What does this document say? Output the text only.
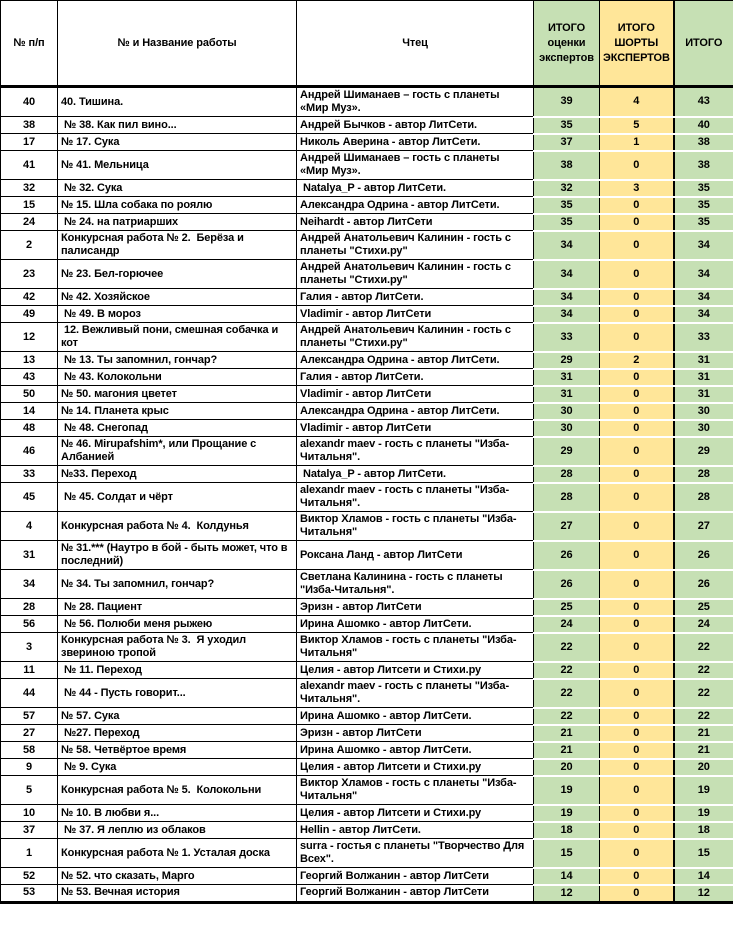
№ п/п	№ и Название работы	Чтец	ИТОГО оценки экспертов	ИТОГО ШОРТЫ ЭКСПЕРТОВ	ИТОГО
40	40. Тишина.	Андрей Шиманаев – гость с планеты «Мир Муз».	39	4	43
38	№ 38. Как пил вино...	Андрей Бычков - автор ЛитСети.	35	5	40
17	№ 17. Сука	Николь Аверина - автор ЛитСети.	37	1	38
41	№ 41. Мельница	Андрей Шиманаев – гость с планеты «Мир Муз».	38	0	38
32	№ 32. Сука	Natalya_P - автор ЛитСети.	32	3	35
15	№ 15. Шла собака по роялю	Александра Одрина - автор ЛитСети.	35	0	35
24	№ 24. на патриарших	Neihardt - автор ЛитСети	35	0	35
2	Конкурсная работа № 2.  Берёза и палисандр	Андрей Анатольевич Калинин - гость с планеты "Стихи.ру"	34	0	34
23	№ 23. Бел-горючее	Андрей Анатольевич Калинин - гость с планеты "Стихи.ру"	34	0	34
42	№ 42. Хозяйское	Галия - автор ЛитСети.	34	0	34
49	№ 49. В мороз	Vladimir - автор ЛитСети	34	0	34
12	12. Вежливый пони, смешная собачка и кот	Андрей Анатольевич Калинин - гость с планеты "Стихи.ру"	33	0	33
13	№ 13. Ты запомнил, гончар?	Александра Одрина - автор ЛитСети.	29	2	31
43	№ 43. Колокольни	Галия - автор ЛитСети.	31	0	31
50	№ 50. магония цветет	Vladimir - автор ЛитСети	31	0	31
14	№ 14. Планета крыс	Александра Одрина - автор ЛитСети.	30	0	30
48	№ 48. Снегопад	Vladimir - автор ЛитСети	30	0	30
46	№ 46. Mirupafshim*, или Прощание с Албанией	alexandr maev - гость с планеты "Изба-Читальня".	29	0	29
33	№33. Переход	Natalya_P - автор ЛитСети.	28	0	28
45	№ 45. Солдат и чёрт	alexandr maev - гость с планеты "Изба-Читальня".	28	0	28
4	Конкурсная работа № 4.  Колдунья	Виктор Хламов - гость с планеты "Изба-Читальня"	27	0	27
31	№ 31.*** (Наутро в бой - быть может, что в последний)	Роксана Ланд - автор ЛитСети	26	0	26
34	№ 34. Ты запомнил, гончар?	Светлана Калинина - гость с планеты "Изба-Читальня".	26	0	26
28	№ 28. Пациент	Эризн - автор ЛитСети	25	0	25
56	№ 56. Полюби меня рыжею	Ирина Ашомко - автор ЛитСети.	24	0	24
3	Конкурсная работа № 3.  Я уходил звериною тропой	Виктор Хламов - гость с планеты "Изба-Читальня"	22	0	22
11	№ 11. Переход	Целия - автор Литсети и Стихи.ру	22	0	22
44	№ 44 - Пусть говорит...	alexandr maev - гость с планеты "Изба-Читальня".	22	0	22
57	№ 57. Сука	Ирина Ашомко - автор ЛитСети.	22	0	22
27	№27. Переход	Эризн - автор ЛитСети	21	0	21
58	№ 58. Четвёртое время	Ирина Ашомко - автор ЛитСети.	21	0	21
9	№ 9. Сука	Целия - автор Литсети и Стихи.ру	20	0	20
5	Конкурсная работа № 5.  Колокольни	Виктор Хламов - гость с планеты "Изба-Читальня"	19	0	19
10	№ 10. В любви я...	Целия - автор Литсети и Стихи.ру	19	0	19
37	№ 37. Я леплю из облаков	Hellin - автор ЛитСети.	18	0	18
1	Конкурсная работа № 1. Усталая доска	surra - гостья с планеты "Творчество Для Всех".	15	0	15
52	№ 52. что сказать, Марго	Георгий Волжанин - автор ЛитСети	14	0	14
53	№ 53. Вечная история	Георгий Волжанин - автор ЛитСети	12	0	12
